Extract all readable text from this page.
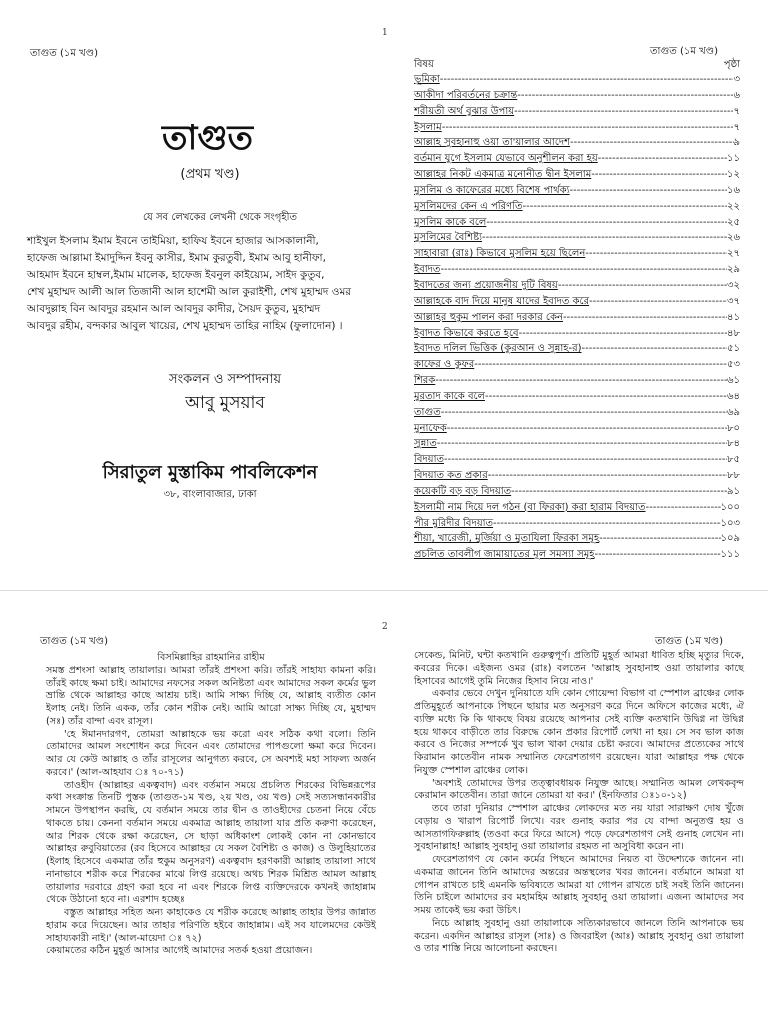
1
তাগুত (১ম খণ্ড)
তাগুত
(প্রথম খণ্ড)
যে সব লেখকের লেখনী থেকে সংগৃহীত
শাইখুল ইসলাম ইমাম ইবনে তাইমিয়া, হাফিয ইবনে হাজার আসকালানী,
হাফেজ আল্লামা ইমাদুদ্দিন ইবনু কাসীর, ইমাম কুরতুবী, ইমাম আবু হানীফা,
আহমাদ ইবনে হাম্বল,ইমাম মালেক, হাফেজ ইবনুল কাইয়্যেম, সাইদ কুতুব,
শেখ মুহাম্মদ আলী আল তিজানী আল হাশেমী আল কুরাইশী, শেখ মুহাম্মদ ওমর
আবদুল্লাহ বিন আবদুর রহমান আল আবদুর কাদীর, সৈয়দ কুতুব, মুহাম্মদ
আবদুর রহীম, বন্দকার আবুল খায়ের, শেখ মুহাম্মদ তাহির নাহিম (ফুলাদোন) ।
সংকলন ও সম্পাদনায়
আবু মুসয়াব
সিরাতুল মুস্তাকিম পাবলিকেশন
৩৮, বাংলাবাজার, ঢাকা
তাগুত (১ম খণ্ড)
বিষয়	পৃষ্ঠা
ভূমিকা -----	৩
আকীদা পরিবর্তনের চক্রান্ত -----	৬
শরীয়তী অর্থ বুঝার উপায় -----	৭
ইসলাম -----	৭
আল্লাহ সুবহানাহু ওয়া তা'য়ালার আদেশ -----	৯
বর্তমান যুগে ইসলাম যেভাবে অনুশীলন করা হয় -----	১১
আল্লাহর নিকট একমাত্র মনোনীত দ্বীন ইসলাম -----	১২
মুসলিম ও কাফেরের মধ্যে বিশেষ পার্থক্য -----	১৬
মুসলিমদের কেন এ পরিণতি -----	২২
মুসলিম কাকে বলে -----	২৫
মুসলিমের বৈশিষ্ট্য -----	২৬
সাহাবারা (রাঃ) কিভাবে মুসলিম হয়ে ছিলেন -----	২৭
ইবাদত -----	২৯
ইবাদতের জন্য প্রয়োজনীয় দুটি বিষয় -----	৩২
আল্লাহকে বাদ দিয়ে মানুষ যাদের ইবাদত করে -----	৩৭
আল্লাহর হুকুম পালন করা দরকার কেন -----	৪১
ইবাদত কিভাবে করতে হবে -----	৪৮
ইবাদত দলিল ভিত্তিক (কুরআন ও সুন্নাহ-র) -----	৫১
কাফের ও কুফর -----	৫৩
শিরক -----	৬১
মুরতাদ কাকে বলে -----	৬৪
তাগুত -----	৬৯
মুনাফেক -----	৮০
সুন্নাত -----	৮৪
বিদয়াত -----	৮৫
বিদয়াত কত প্রকার -----	৮৮
কয়েকটি বড় বড় বিদয়াত -----	৯১
ইসলামী নাম দিয়ে দল গঠন (বা ফিরকা) করা হারাম বিদয়াত -----	১০০
পীর মুরিদীর বিদয়াত -----	১০৩
শীয়া, খারেজী, মুর্জিয়া ও মুতাযিলা ফিরকা সমূহ -----	১০৯
প্রচলিত তাবলীগ জামায়াতের মূল সমস্যা সমূহ -----	১১১
2
তাগুত (১ম খণ্ড)	তাগুত (১ম খণ্ড)

বিসমিল্লাহির রাহমানির রাহীম

সমস্ত প্রশংসা আল্লাহ তায়ালার। আমরা তাঁরই প্রশংসা করি। তাঁরই সাহায্য কামনা করি। তাঁরই কাছে ক্ষমা চাই। আমাদের নফসের সকল অনিষ্টতা এবং আমাদের সকল কর্মের ভুল ভ্রান্তি থেকে আল্লাহর কাছে আশ্রয় চাই। আমি সাক্ষ্য দিচ্ছি যে, আল্লাহ ব্যতীত কোন ইলাহ নেই। তিনি একক, তাঁর কোন শরীক নেই। আমি আরো সাক্ষ্য দিচ্ছি যে, মুহাম্মদ (সঃ) তাঁর বান্দা এবং রাসূল।

'হে ঈমানদারগণ, তোমরা আল্লাহকে ভয় করো এবং সঠিক কথা বলো। তিনি তোমাদের আমল সংশোধন করে দিবেন এবং তোমাদের পাপগুলো ক্ষমা করে দিবেন। আর যে কেউ আল্লাহ ও তাঁর রাসূলের আনুগত্য করবে, সে অবশ্যই মহা সাফল্য অর্জন করবে।' (আল-আহযাব ঃ ৭০-৭১)

তাওহীদ (আল্লাহর একত্ববাদ) এবং বর্তমান সময়ে প্রচলিত শিরকের বিভিন্নরূপের কথা সংক্রান্ত তিনটি পুস্তক (তাগুত-১ম খণ্ড, ২য় খণ্ড, ৩য় খণ্ড) সেই সত্যসন্ধানকারীর সামনে উপস্থাপন করছি, যে বর্তমান সময়ে তার দ্বীন ও তাওহীদের চেতনা নিয়ে বেঁচে থাকতে চায়। কেননা বর্তমান সময়ে একমাত্র আল্লাহ তায়ালা যার প্রতি করুণা করেছেন, আর শিরক থেকে রক্ষা করেছেন, সে ছাড়া অধিকাংশ লোকই কোন না কোনভাবে আল্লাহর রুবুবিয়াতের (রব হিসেবে আল্লাহর যে সকল বৈশিষ্ট্য ও কাজ) ও উলুহিয়াতের (ইলাহ হিসেবে একমাত্র তাঁর হুকুম অনুসরণ) একত্ববাদ হরণকারী আল্লাহ তায়ালা সাথে নানাভাবে শরীক করে শিরকের মাঝে লিপ্ত রয়েছে। অথচ শিরক মিশ্রিত আমল আল্লাহ তায়ালার দরবারে গ্রহণ করা হবে না এবং শিরকে লিপ্ত ব্যক্তিদেরকে কখনই জাহান্নাম থেকে উঠানো হবে না। এরশাদ হচ্ছেঃ

বস্তুত আল্লাহর সহিত অন্য কাহাকেও যে শরীক করেছে আল্লাহ তাহার উপর জান্নাত হারাম করে দিয়েছেন। আর তাহার পরিণতি হইবে জাহান্নাম। এই সব যালেমদের কেউই সাহায্যকারী নাই।' (আল-মায়েদা ঃ ৭২)

কেয়ামতের কঠিন মুহূর্ত আসার আগেই আমাদের সতর্ক হওয়া প্রয়োজন।

সেকেন্ড, মিনিট, ঘন্টা কতখানি গুরুত্বপূর্ণ। প্রতিটি মুহূর্ত আমরা ধাবিত হচ্ছি মৃত্যুর দিকে, কবরের দিকে। এইজন্য ওমর (রাঃ) বলতেন 'আল্লাহ সুবহানাহু ওয়া তায়ালার কাছে হিসাবের আগেই তুমি নিজের হিসাব নিয়ে নাও।'

একবার ভেবে দেখুন দুনিয়াতে যদি কোন গোয়েন্দা বিভাগ বা স্পেশাল ব্রাঞ্চের লোক প্রতিমুহূর্তে আপনাকে পিছনে ছায়ার মত অনুসরণ করে দিনে অফিসে কাজের মধ্যে, ঐ ব্যক্তি মধ্যে কি কি থাকছে বিষয় রয়েছে আপনার সেই ব্যক্তি কতখানি উদ্বিগ্ন না উদ্বিগ্ন হয়ে থাকবে বাড়ীতে তার বিরুদ্ধে কোন প্রকার রিপোর্ট লেখা না হয়। সে সব ভাল কাজ করবে ও নিজের সম্পর্কে খুব ভাল খাকা দেয়ার চেষ্টা করবে। আমাদের প্রত্যেকের সাথে কিরামান কাতেবীন নামক সম্মানিত ফেরেশতাগণ রয়েছেন। যারা আল্লাহর পক্ষ থেকে নিযুক্ত স্পেশাল ব্রাঞ্চের লোক।

'অবশ্যই তোমাদের উপর তত্ত্বাবধায়ক নিযুক্ত আছে। সম্মানিত আমল লেখকবৃন্দ কেরামান কাতেবীন। তারা জানে তোমরা যা কর।' (ইনফিতার ঃ১০-১২)

তবে তারা দুনিয়ার স্পেশাল ব্রাঞ্চের লোকদের মত নয় যারা সারাক্ষণ দোষ খুঁজে বেড়ায় ও খারাপ রিপোর্ট লিখে। বরং গুনাহ করার পর যে বান্দা অনুতপ্ত হয় ও আসতাগফিরুল্লাহ (তওবা করে ফিরে আসে) পড়ে ফেরেশতাগণ সেই গুনাহ লেখেন না। সুবহানাল্লাহ! আল্লাহ সুবহানু ওয়া তায়ালার রহমত না অসুবিধা করেন না।

ফেরেশতাগণ যে কোন কর্মের পিছনে আমাদের নিয়ত বা উদ্দেশ্যকে জানেন না। একমাত্র জানেন তিনি আমাদের অন্তরের অন্তস্থলের খবর জানেন। বর্তমানে আমরা যা গোপন রাখতে চাই এমনকি ভবিষ্যতে আমরা যা গোপন রাখতে চাই সবই তিনি জানেন। তিনি চাইলে আমাদের রব মহামহিম আল্লাহ সুবহানু ওয়া তায়ালা। এজন্য আমাদের সব সময় তাকেই ভয় করা উচিৎ।

নিচে আল্লাহ সুবহানু ওয়া তায়ালাকে সত্যিকারভাবে জানলে তিনি আপনাকে ভয় করেন। একদিন আল্লাহর রাসূল (সাঃ) ও জিবরাইল (আঃ) আল্লাহ সুবহানু ওয়া তায়ালা ও তার শাস্তি নিয়ে আলোচনা করছেন।
